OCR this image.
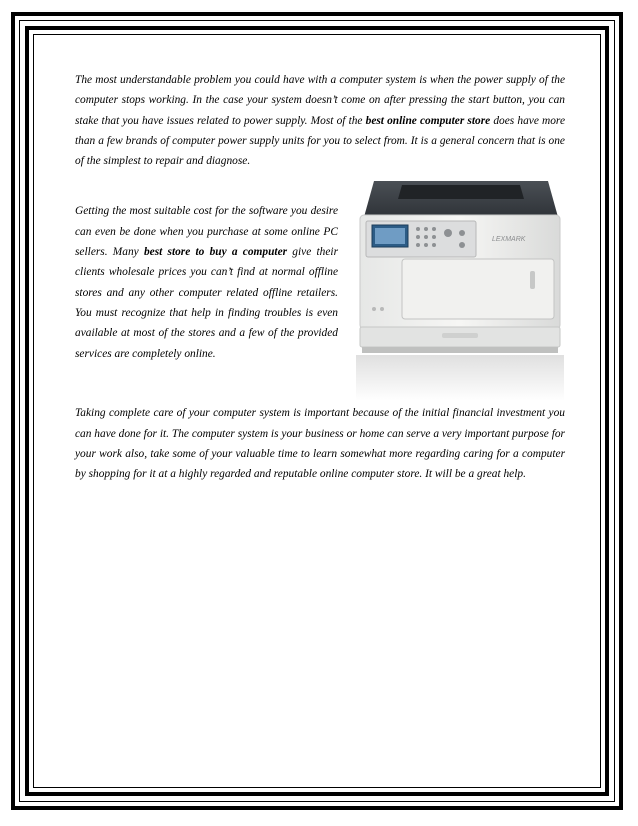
The most understandable problem you could have with a computer system is when the power supply of the computer stops working. In the case your system doesn’t come on after pressing the start button, you can stake that you have issues related to power supply. Most of the best online computer store does have more than a few brands of computer power supply units for you to select from. It is a general concern that is one of the simplest to repair and diagnose.

LEXMARK

Getting the most suitable cost for the software you desire can even be done when you purchase at some online PC sellers. Many best store to buy a computer give their clients wholesale prices you can’t find at normal offline stores and any other computer related offline retailers. You must recognize that help in finding troubles is even available at most of the stores and a few of the provided services are completely online.

Taking complete care of your computer system is important because of the initial financial investment you can have done for it. The computer system is your business or home can serve a very important purpose for your work also, take some of your valuable time to learn somewhat more regarding caring for a computer by shopping for it at a highly regarded and reputable online computer store. It will be a great help.
